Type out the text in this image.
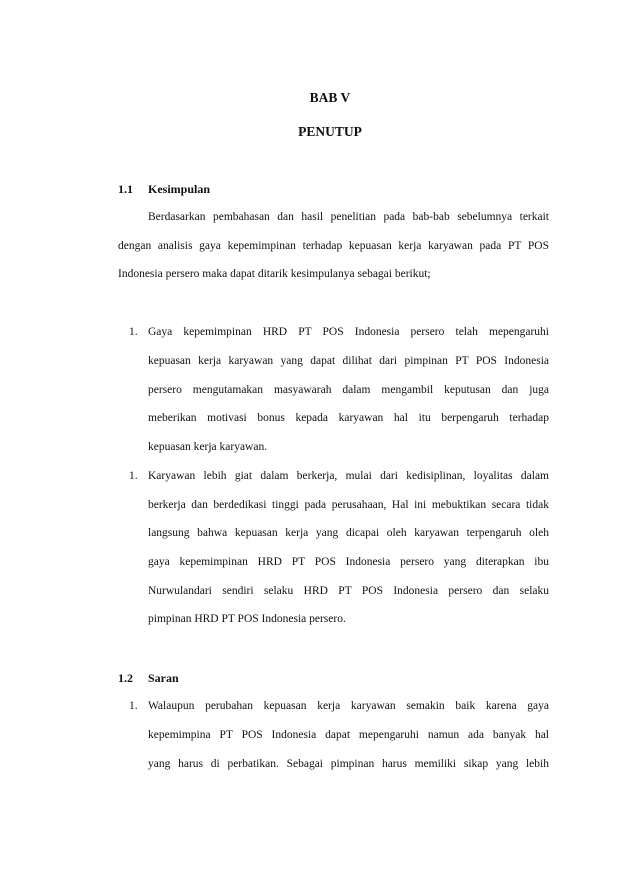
BAB V
PENUTUP
1.1 Kesimpulan
Berdasarkan pembahasan dan hasil penelitian pada bab-bab sebelumnya terkait
dengan analisis gaya kepemimpinan terhadap kepuasan kerja karyawan pada PT POS
Indonesia persero maka dapat ditarik kesimpulanya sebagai berikut;
1. Gaya kepemimpinan HRD PT POS Indonesia persero telah mepengaruhi
kepuasan kerja karyawan yang dapat dilihat dari pimpinan PT POS Indonesia
persero mengutamakan masyawarah dalam mengambil keputusan dan juga
meberikan motivasi bonus kepada karyawan hal itu berpengaruh terhadap
kepuasan kerja karyawan.
1. Karyawan lebih giat dalam berkerja, mulai dari kedisiplinan, loyalitas dalam
berkerja dan berdedikasi tinggi pada perusahaan, Hal ini mebuktikan secara tidak
langsung bahwa kepuasan kerja yang dicapai oleh karyawan terpengaruh oleh
gaya kepemimpinan HRD PT POS Indonesia persero yang diterapkan ibu
Nurwulandari sendiri selaku HRD PT POS Indonesia persero dan selaku
pimpinan HRD PT POS Indonesia persero.
1.2 Saran
1. Walaupun perubahan kepuasan kerja karyawan semakin baik karena gaya
kepemimpina PT POS Indonesia dapat mepengaruhi namun ada banyak hal
yang harus di perbatikan. Sebagai pimpinan harus memiliki sikap yang lebih
